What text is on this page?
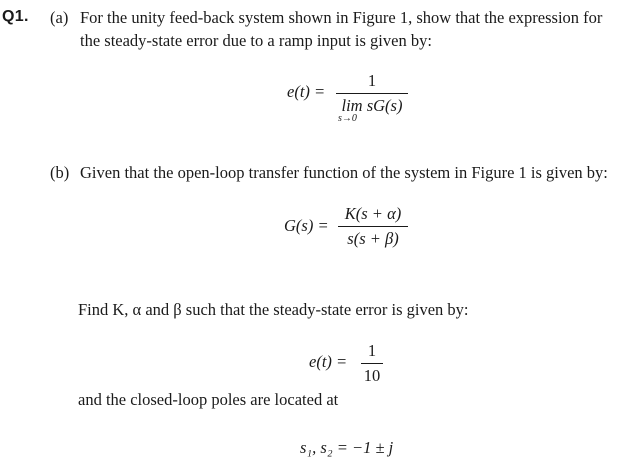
Q1. (a) For the unity feed-back system shown in Figure 1, show that the expression for
the steady-state error due to a ramp input is given by:
e(t) =
1
lim sG(s)
s→0
(b) Given that the open-loop transfer function of the system in Figure 1 is given by:
G(s) =
K(s + α)
s(s + β)
Find K, α and β such that the steady-state error is given by:
e(t) =
1
10
and the closed-loop poles are located at
s₁, s₂ = −1 ± j
